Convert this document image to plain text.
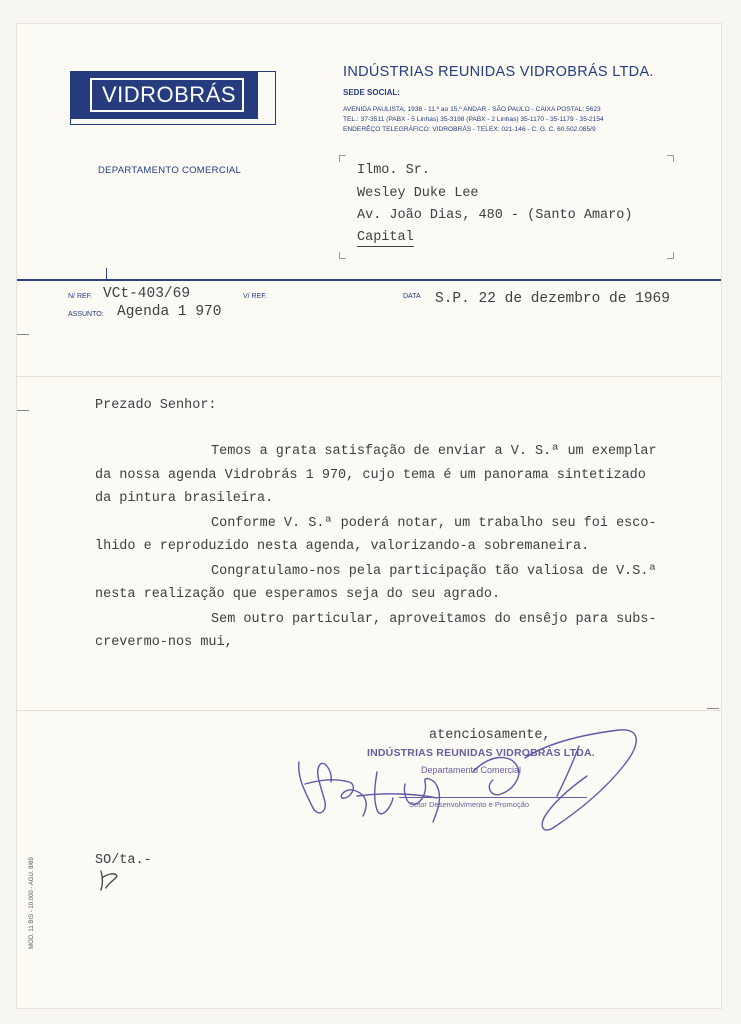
VIDROBRÁS
INDÚSTRIAS REUNIDAS VIDROBRÁS LTDA.
SEDE SOCIAL:
AVENIDA PAULISTA, 1938 - 11.º ao 15.º ANDAR - SÃO PAULO - CAIXA POSTAL: 5623
TEL.: 37-3511 (PABX - 5 Linhas) 35-3198 (PABX - 2 Linhas) 35-1170 - 35-1179 - 35-2154
ENDERÊÇO TELEGRÁFICO: VIDROBRÁS - TELEX: 021-146 - C. G. C. 60.502.085/9
DEPARTAMENTO COMERCIAL	Ilmo. Sr.
Wesley Duke Lee
Av. João Dias, 480 - (Santo Amaro)
Capital
N/ REF. VCt-403/69	V/ REF.
ASSUNTO: Agenda 1 970
DATA S.P. 22 de dezembro de 1969
Prezado Senhor:
Temos a grata satisfação de enviar a V. S.ª um exemplar
da nossa agenda Vidrobrás 1 970, cujo tema é um panorama sintetizado
da pintura brasileira.
Conforme V. S.ª poderá notar, um trabalho seu foi esco-
lhido e reproduzido nesta agenda, valorizando-a sobremaneira.
Congratulamo-nos pela participação tão valiosa de V.S.ª
nesta realização que esperamos seja do seu agrado.
Sem outro particular, aproveitamos do ensêjo para subs-
crevermo-nos mui,
atenciosamente,
INDÚSTRIAS REUNIDAS VIDROBRÁS LTDA.
Departamento Comercial
Setor Desenvolvimento e Promoção
SO/ta.-
MOD. 11 BIS - 10.000 - AGU. 8/69
